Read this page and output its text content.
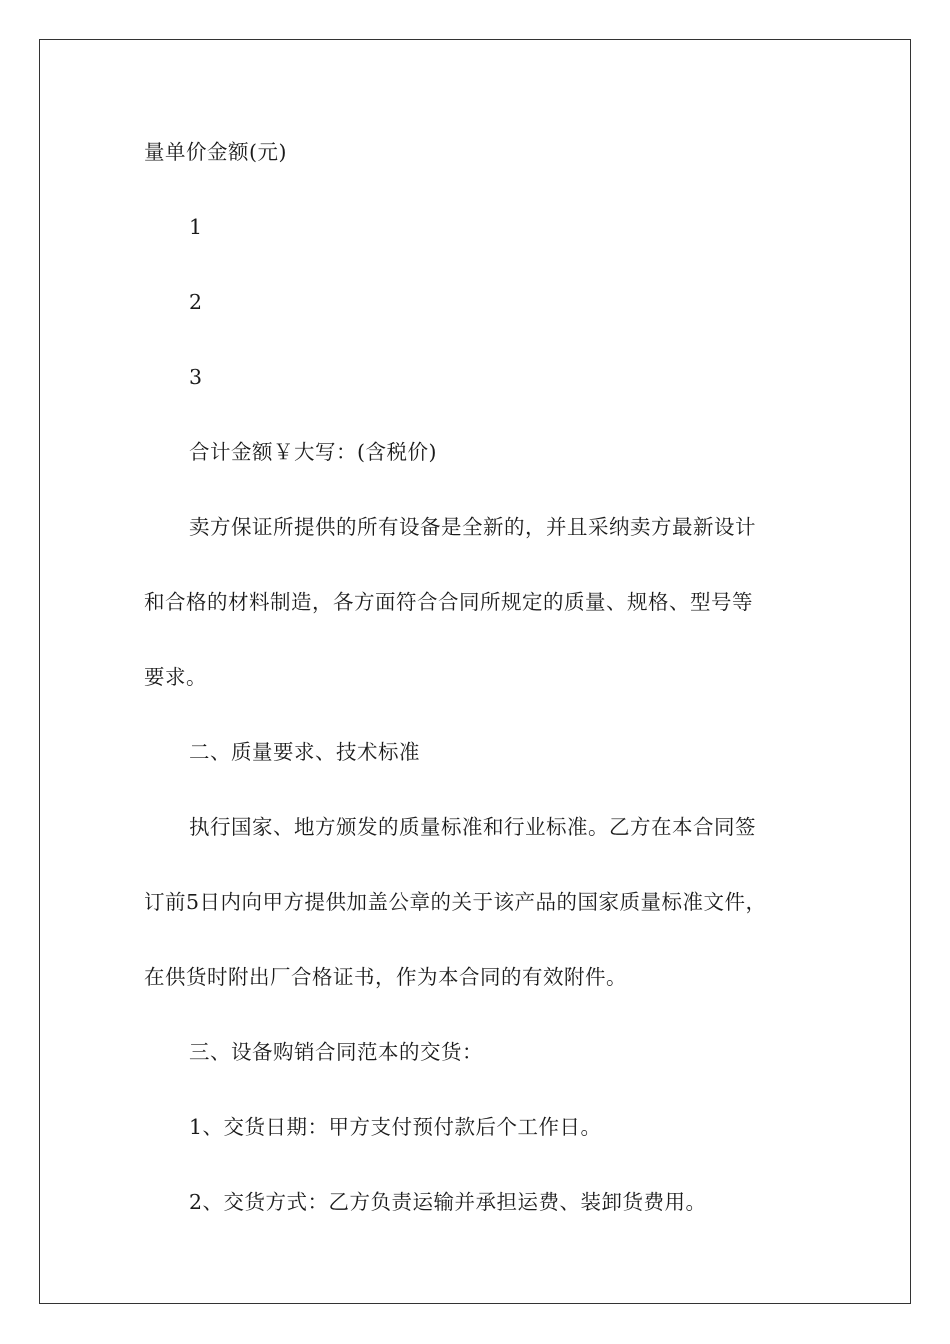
量单价金额(元)
1
2
3
合计金额￥大写：(含税价)
卖方保证所提供的所有设备是全新的，并且采纳卖方最新设计
和合格的材料制造，各方面符合合同所规定的质量、规格、型号等
要求。
二、质量要求、技术标准
执行国家、地方颁发的质量标准和行业标准。乙方在本合同签
订前5日内向甲方提供加盖公章的关于该产品的国家质量标准文件，
在供货时附出厂合格证书，作为本合同的有效附件。
三、设备购销合同范本的交货：
1、交货日期：甲方支付预付款后个工作日。
2、交货方式：乙方负责运输并承担运费、装卸货费用。
